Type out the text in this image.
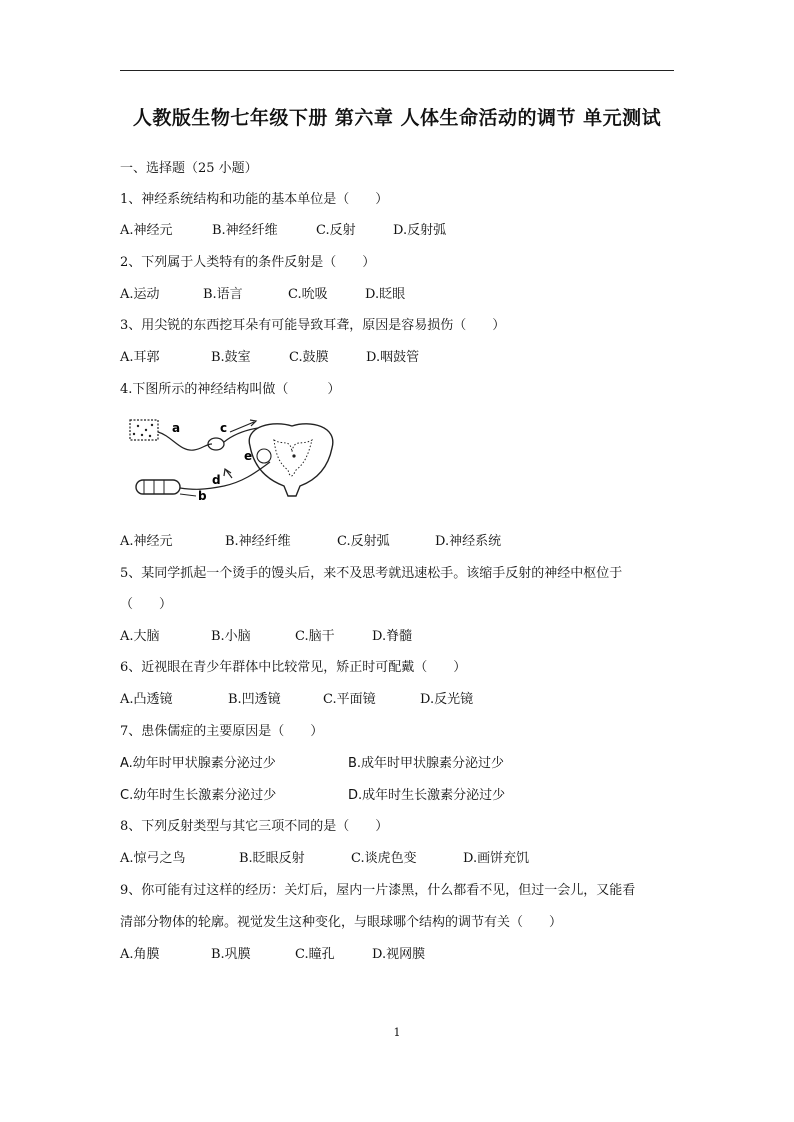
人教版生物七年级下册 第六章 人体生命活动的调节 单元测试
一、选择题（25 小题）
1、神经系统结构和功能的基本单位是（　　）
A.神经元	B.神经纤维	C.反射	D.反射弧
2、下列属于人类特有的条件反射是（　　）
A.运动	B.语言	C.吮吸	D.眨眼
3、用尖锐的东西挖耳朵有可能导致耳聋，原因是容易损伤（　　）
A.耳郭	B.鼓室	C.鼓膜	D.咽鼓管
4.下图所示的神经结构叫做（　　　）
a
b
c
d
e
A.神经元	B.神经纤维	C.反射弧	D.神经系统
5、某同学抓起一个烫手的馒头后，来不及思考就迅速松手。该缩手反射的神经中枢位于
（　　）
A.大脑	B.小脑	C.脑干	D.脊髓
6、近视眼在青少年群体中比较常见，矫正时可配戴（　　）
A.凸透镜	B.凹透镜	C.平面镜	D.反光镜
7、患侏儒症的主要原因是（　　）
A.幼年时甲状腺素分泌过少	B.成年时甲状腺素分泌过少
C.幼年时生长激素分泌过少	D.成年时生长激素分泌过少
8、下列反射类型与其它三项不同的是（　　）
A.惊弓之鸟	B.眨眼反射	C.谈虎色变	D.画饼充饥
9、你可能有过这样的经历：关灯后，屋内一片漆黑，什么都看不见，但过一会儿，又能看
清部分物体的轮廓。视觉发生这种变化，与眼球哪个结构的调节有关（　　）
A.角膜	B.巩膜	C.瞳孔	D.视网膜
1
